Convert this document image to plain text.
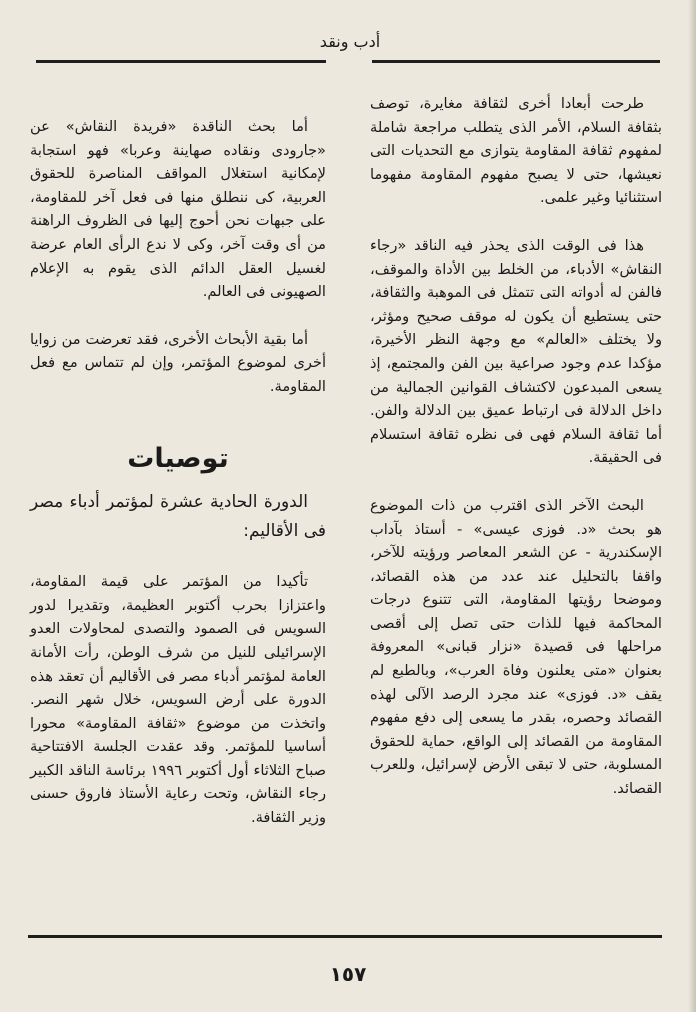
أدب ونقد

طرحت أبعادا أخرى لثقافة مغايرة، توصف بثقافة السلام، الأمر الذى يتطلب مراجعة شاملة لمفهوم ثقافة المقاومة يتوازى مع التحديات التى نعيشها، حتى لا يصبح مفهوم المقاومة مفهوما استثنائيا وغير علمى.

هذا فى الوقت الذى يحذر فيه الناقد «رجاء النقاش» الأدباء، من الخلط بين الأداة والموقف، فالفن له أدواته التى تتمثل فى الموهبة والثقافة، حتى يستطيع أن يكون له موقف صحيح ومؤثر، ولا يختلف «العالم» مع وجهة النظر الأخيرة، مؤكدا عدم وجود صراعية بين الفن والمجتمع، إذ يسعى المبدعون لاكتشاف القوانين الجمالية من داخل الدلالة فى ارتباط عميق بين الدلالة والفن. أما ثقافة السلام فهى فى نظره ثقافة استسلام فى الحقيقة.

البحث الآخر الذى اقترب من ذات الموضوع هو بحث «د. فوزى عيسى» - أستاذ بآداب الإسكندرية - عن الشعر المعاصر ورؤيته للآخر، واقفا بالتحليل عند عدد من هذه القصائد، وموضحا رؤيتها المقاومة، التى تتنوع درجات المحاكمة فيها للذات حتى تصل إلى أقصى مراحلها فى قصيدة «نزار قبانى» المعروفة بعنوان «متى يعلنون وفاة العرب»، وبالطبع لم يقف «د. فوزى» عند مجرد الرصد الآلى لهذه القصائد وحصره، بقدر ما يسعى إلى دفع مفهوم المقاومة من القصائد إلى الواقع، حماية للحقوق المسلوبة، حتى لا تبقى الأرض لإسرائيل، وللعرب القصائد.

أما بحث الناقدة «فريدة النقاش» عن «جارودى ونقاده صهاينة وعربا» فهو استجابة لإمكانية استغلال المواقف المناصرة للحقوق العربية، كى ننطلق منها فى فعل آخر للمقاومة، على جبهات نحن أحوج إليها فى الظروف الراهنة من أى وقت آخر، وكى لا ندع الرأى العام عرضة لغسيل العقل الدائم الذى يقوم به الإعلام الصهيونى فى العالم.

أما بقية الأبحاث الأخرى، فقد تعرضت من زوايا أخرى لموضوع المؤتمر، وإن لم تتماس مع فعل المقاومة.

توصيات

الدورة الحادية عشرة لمؤتمر أدباء مصر فى الأقاليم:

تأكيدا من المؤتمر على قيمة المقاومة، واعتزازا بحرب أكتوبر العظيمة، وتقديرا لدور السويس فى الصمود والتصدى لمحاولات العدو الإسرائيلى للنيل من شرف الوطن، رأت الأمانة العامة لمؤتمر أدباء مصر فى الأقاليم أن تعقد هذه الدورة على أرض السويس، خلال شهر النصر. واتخذت من موضوع «ثقافة المقاومة» محورا أساسيا للمؤتمر. وقد عقدت الجلسة الافتتاحية صباح الثلاثاء أول أكتوبر ١٩٩٦ برئاسة الناقد الكبير رجاء النقاش، وتحت رعاية الأستاذ فاروق حسنى وزير الثقافة.

١٥٧
